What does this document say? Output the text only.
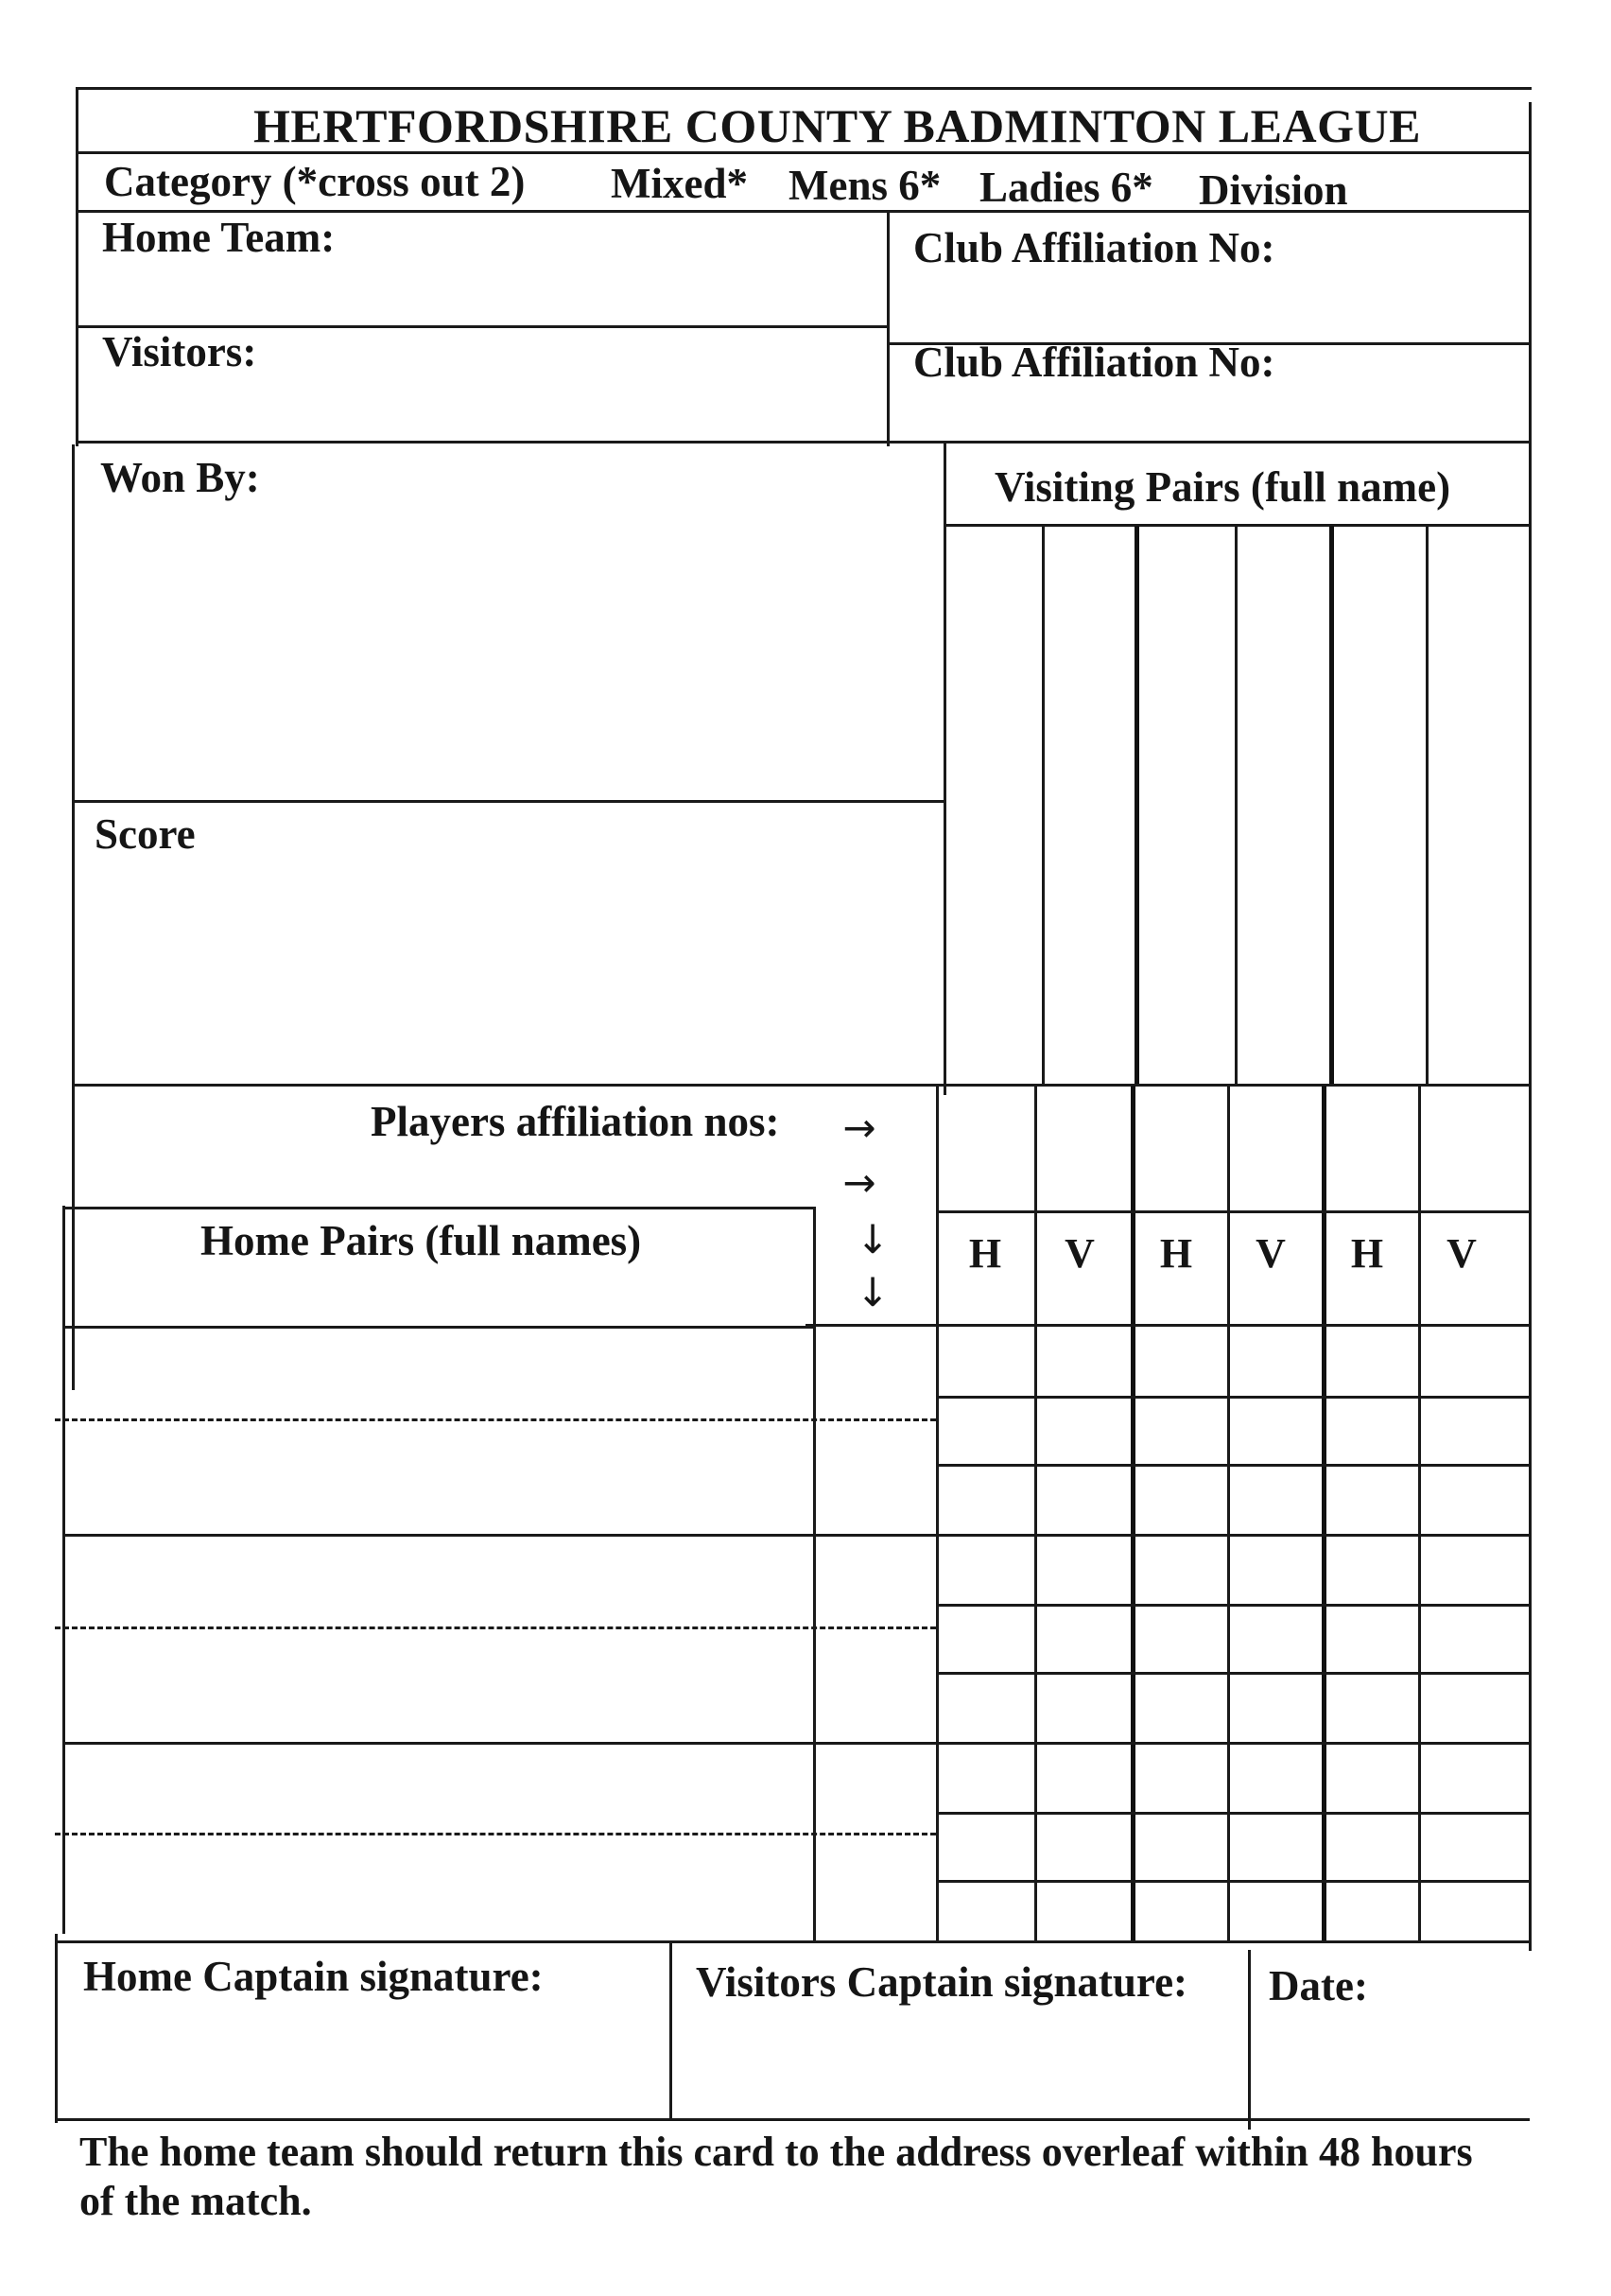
HERTFORDSHIRE COUNTY BADMINTON LEAGUE
Category (*cross out 2) Mixed* Mens 6* Ladies 6* Division
Home Team:	Club Affiliation No:
Visitors:	Club Affiliation No:
Won By:	Visiting Pairs (full name)
Score
Players affiliation nos: →
→
↓
↓
Home Pairs (full names)	H	V	H	V	H	V
Home Captain signature:	Visitors Captain signature: Date:
The home team should return this card to the address overleaf within 48 hours of the match.
